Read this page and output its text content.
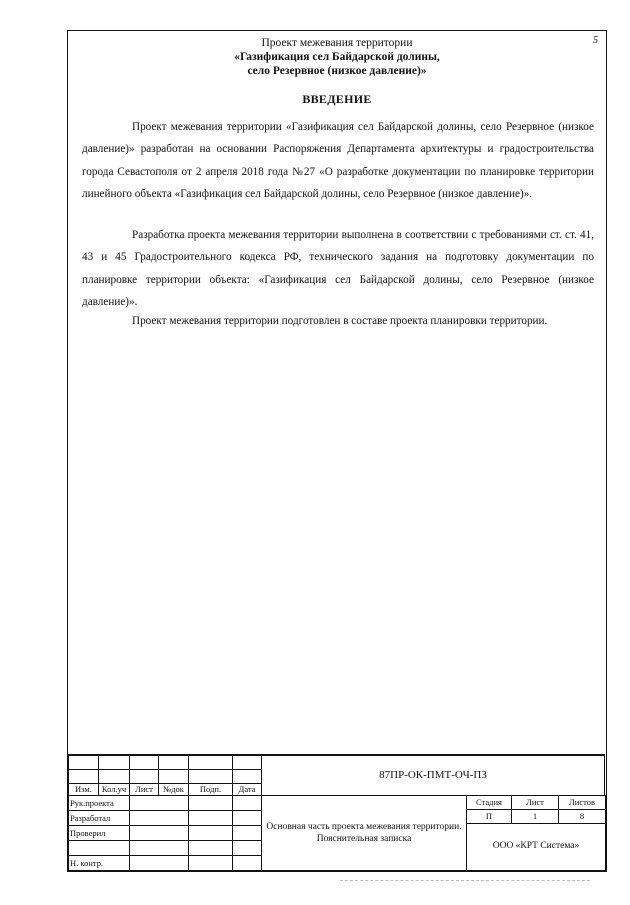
5
Проект межевания территории
«Газификация сел Байдарской долины,
село Резервное (низкое давление)»
ВВЕДЕНИЕ

Проект межевания территории «Газификация сел Байдарской долины, село Резервное (низкое давление)» разработан на основании Распоряжения Департамента архитектуры и градостроительства города Севастополя от 2 апреля 2018 года №27 «О разработке документации по планировке территории линейного объекта «Газификация сел Байдарской долины, село Резервное (низкое давление)».

Разработка проекта межевания территории выполнена в соответствии с требованиями ст. ст. 41, 43 и 45 Градостроительного кодекса РФ, технического задания на подготовку документации по планировке территории объекта: «Газификация сел Байдарской долины, село Резервное (низкое давление)».

Проект межевания территории подготовлен в составе проекта планировки территории.

Изм.	Кол.уч	Лист	№док	Подп.	Дата
Рук.проекта			
Разработал			
Проверил			

Н. контр.			
87ПР-ОК-ПМТ-ОЧ-ПЗ
Основная часть проекта межевания территории. Пояснительная записка	Стадия	Лист	Листов
	П	1	8
	ООО «КРТ Система»		
